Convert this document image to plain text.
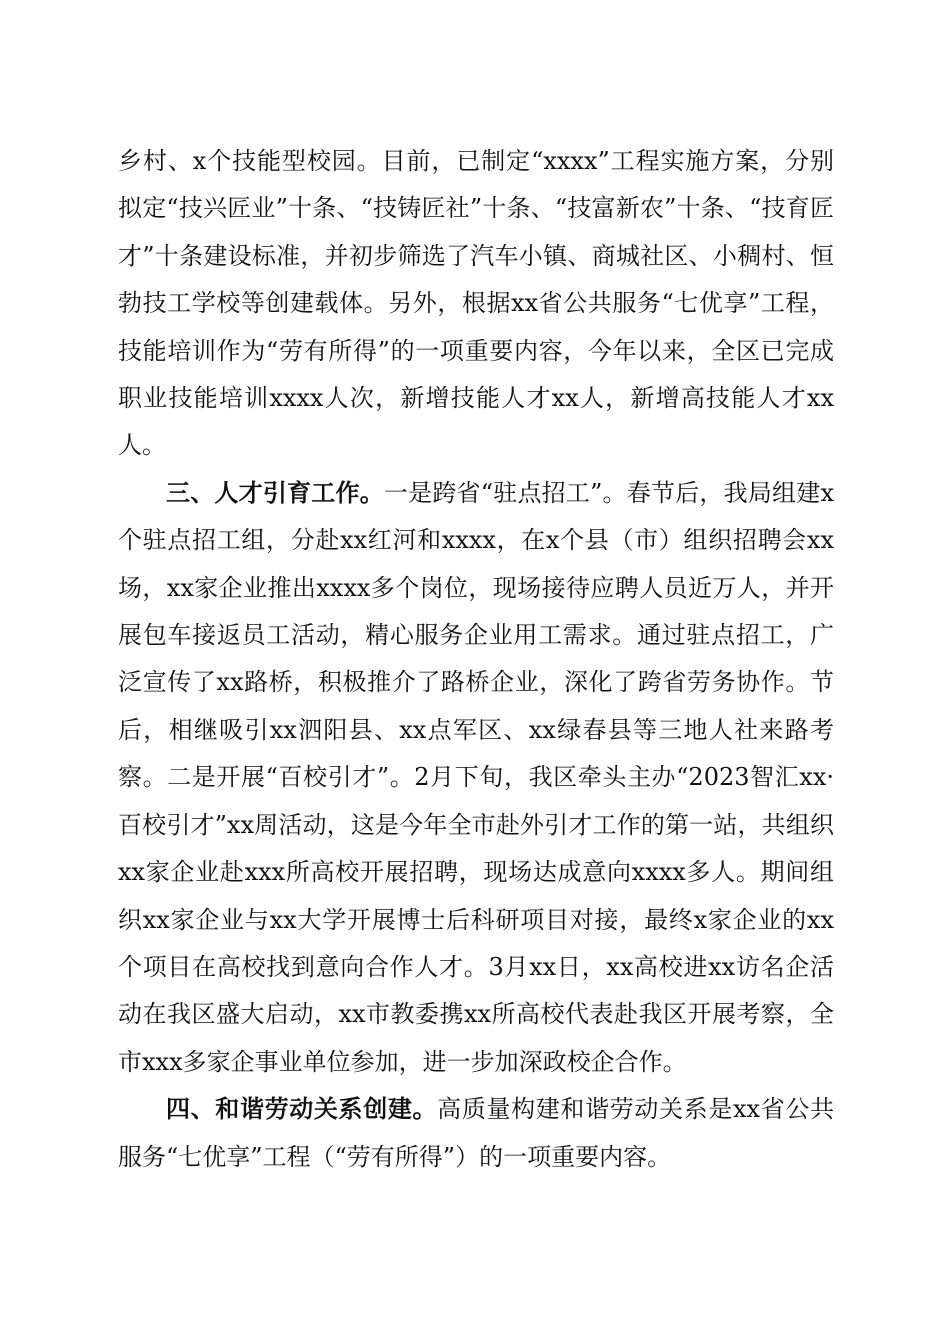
乡村、x个技能型校园。目前，已制定“xxxx”工程实施方案，分别拟定“技兴匠业”十条、“技铸匠社”十条、“技富新农”十条、“技育匠才”十条建设标准，并初步筛选了汽车小镇、商城社区、小稠村、恒勃技工学校等创建载体。另外，根据xx省公共服务“七优享”工程，技能培训作为“劳有所得”的一项重要内容，今年以来，全区已完成职业技能培训xxxx人次，新增技能人才xx人，新增高技能人才xx人。

三、人才引育工作。一是跨省“驻点招工”。春节后，我局组建x个驻点招工组，分赴xx红河和xxxx，在x个县（市）组织招聘会xx场，xx家企业推出xxxx多个岗位，现场接待应聘人员近万人，并开展包车接返员工活动，精心服务企业用工需求。通过驻点招工，广泛宣传了xx路桥，积极推介了路桥企业，深化了跨省劳务协作。节后，相继吸引xx泗阳县、xx点军区、xx绿春县等三地人社来路考察。二是开展“百校引才”。2月下旬，我区牵头主办“2023智汇xx·百校引才”xx周活动，这是今年全市赴外引才工作的第一站，共组织xx家企业赴xxx所高校开展招聘，现场达成意向xxxx多人。期间组织xx家企业与xx大学开展博士后科研项目对接，最终x家企业的xx个项目在高校找到意向合作人才。3月xx日，xx高校进xx访名企活动在我区盛大启动，xx市教委携xx所高校代表赴我区开展考察，全市xxx多家企事业单位参加，进一步加深政校企合作。

四、和谐劳动关系创建。高质量构建和谐劳动关系是xx省公共服务“七优享”工程（“劳有所得”）的一项重要内容。
